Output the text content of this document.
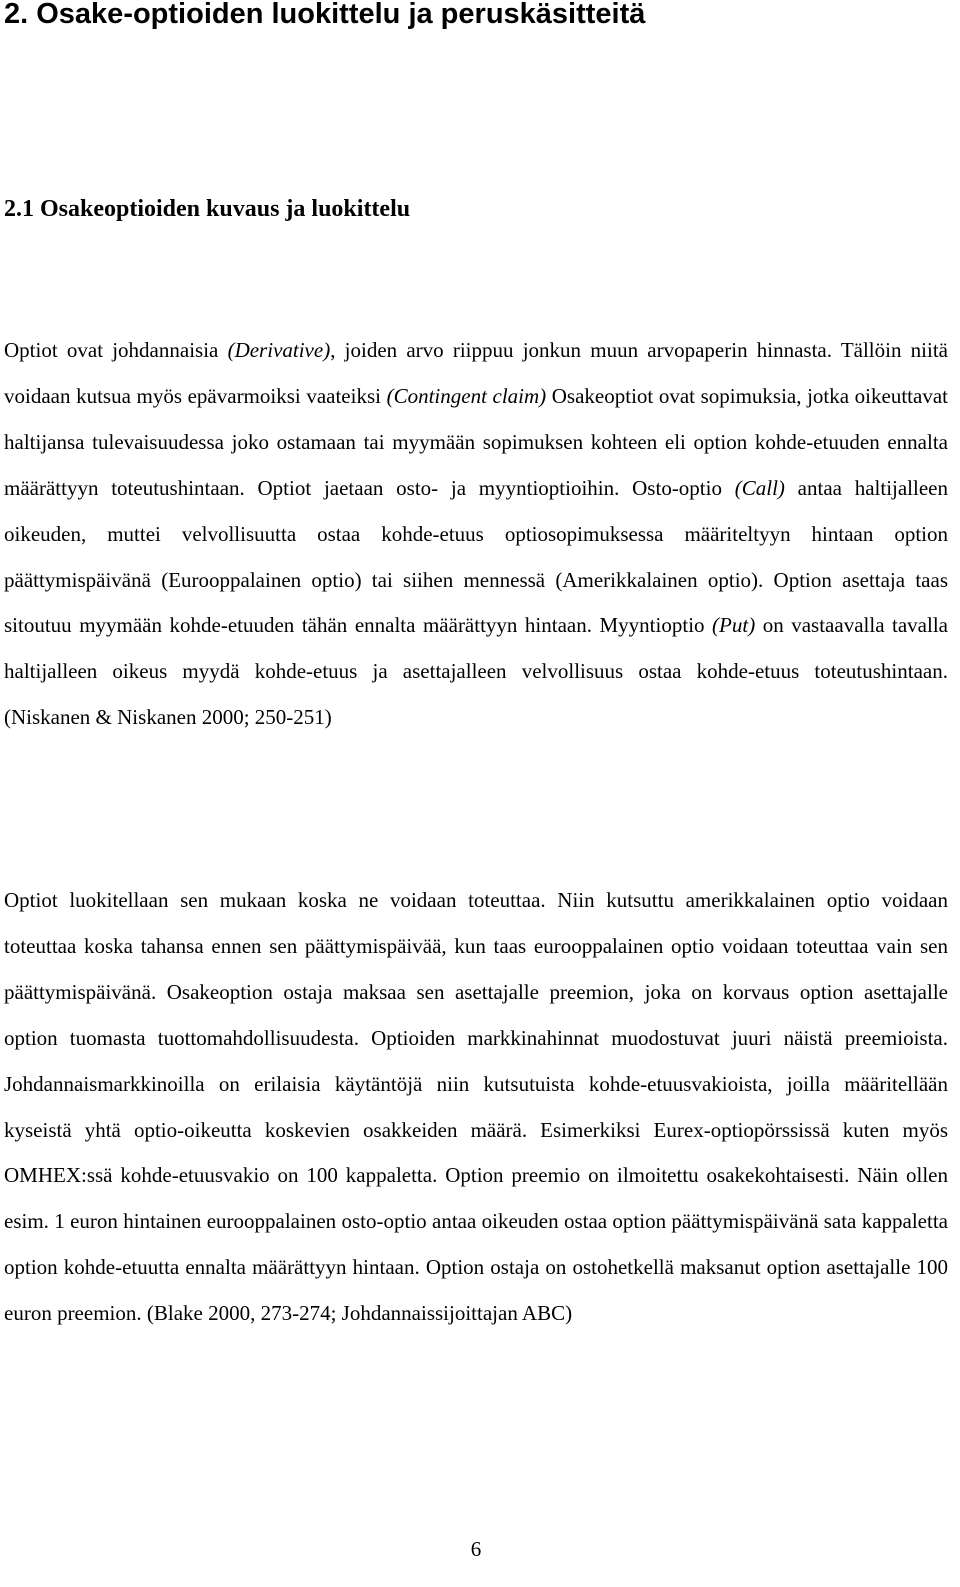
2. Osake-optioiden luokittelu ja peruskäsitteitä
2.1 Osakeoptioiden kuvaus ja luokittelu

Optiot ovat johdannaisia (Derivative), joiden arvo riippuu jonkun muun arvopaperin hinnasta. Tällöin niitä voidaan kutsua myös epävarmoiksi vaateiksi (Contingent claim) Osakeoptiot ovat sopimuksia, jotka oikeuttavat haltijansa tulevaisuudessa joko ostamaan tai myymään sopimuksen kohteen eli option kohde-etuuden ennalta määrättyyn toteutushintaan. Optiot jaetaan osto- ja myyntioptioihin. Osto-optio (Call) antaa haltijalleen oikeuden, muttei velvollisuutta ostaa kohde-etuus optiosopimuksessa määriteltyyn hintaan option päättymispäivänä (Eurooppalainen optio) tai siihen mennessä (Amerikkalainen optio). Option asettaja taas sitoutuu myymään kohde-etuuden tähän ennalta määrättyyn hintaan. Myyntioptio (Put) on vastaavalla tavalla haltijalleen oikeus myydä kohde-etuus ja asettajalleen velvollisuus ostaa kohde-etuus toteutushintaan. (Niskanen & Niskanen 2000; 250-251)

Optiot luokitellaan sen mukaan koska ne voidaan toteuttaa. Niin kutsuttu amerikkalainen optio voidaan toteuttaa koska tahansa ennen sen päättymispäivää, kun taas eurooppalainen optio voidaan toteuttaa vain sen päättymispäivänä. Osakeoption ostaja maksaa sen asettajalle preemion, joka on korvaus option asettajalle option tuomasta tuottomahdollisuudesta. Optioiden markkinahinnat muodostuvat juuri näistä preemioista. Johdannaismarkkinoilla on erilaisia käytäntöjä niin kutsutuista kohde-etuusvakioista, joilla määritellään kyseistä yhtä optio-oikeutta koskevien osakkeiden määrä. Esimerkiksi Eurex-optiopörssissä kuten myös OMHEX:ssä kohde-etuusvakio on 100 kappaletta. Option preemio on ilmoitettu osakekohtaisesti. Näin ollen esim. 1 euron hintainen eurooppalainen osto-optio antaa oikeuden ostaa option päättymispäivänä sata kappaletta option kohde-etuutta ennalta määrättyyn hintaan. Option ostaja on ostohetkellä maksanut option asettajalle 100 euron preemion. (Blake 2000, 273-274; Johdannaissijoittajan ABC)

6
